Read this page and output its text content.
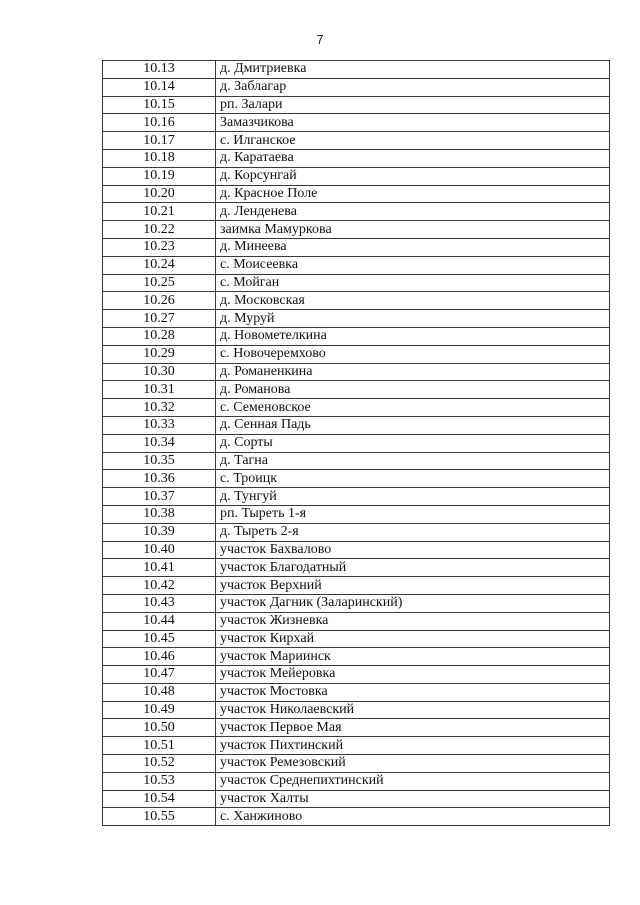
7
10.13	д. Дмитриевка
10.14	д. Заблагар
10.15	рп. Залари
10.16	Замазчикова
10.17	с. Илганское
10.18	д. Каратаева
10.19	д. Корсунгай
10.20	д. Красное Поле
10.21	д. Ленденева
10.22	заимка Мамуркова
10.23	д. Минеева
10.24	с. Моисеевка
10.25	с. Мойган
10.26	д. Московская
10.27	д. Муруй
10.28	д. Новометелкина
10.29	с. Новочеремхово
10.30	д. Романенкина
10.31	д. Романова
10.32	с. Семеновское
10.33	д. Сенная Падь
10.34	д. Сорты
10.35	д. Тагна
10.36	с. Троицк
10.37	д. Тунгуй
10.38	рп. Тырeть 1-я
10.39	д. Тыреть 2-я
10.40	участок Бахвалово
10.41	участок Благодатный
10.42	участок Верхний
10.43	участок Дагник (Заларинский)
10.44	участок Жизневка
10.45	участок Кирхай
10.46	участок Мариинск
10.47	участок Мейеровка
10.48	участок Мостовка
10.49	участок Николаевский
10.50	участок Первое Мая
10.51	участок Пихтинский
10.52	участок Ремезовский
10.53	участок Среднепихтинский
10.54	участок Халты
10.55	с. Ханжиново
